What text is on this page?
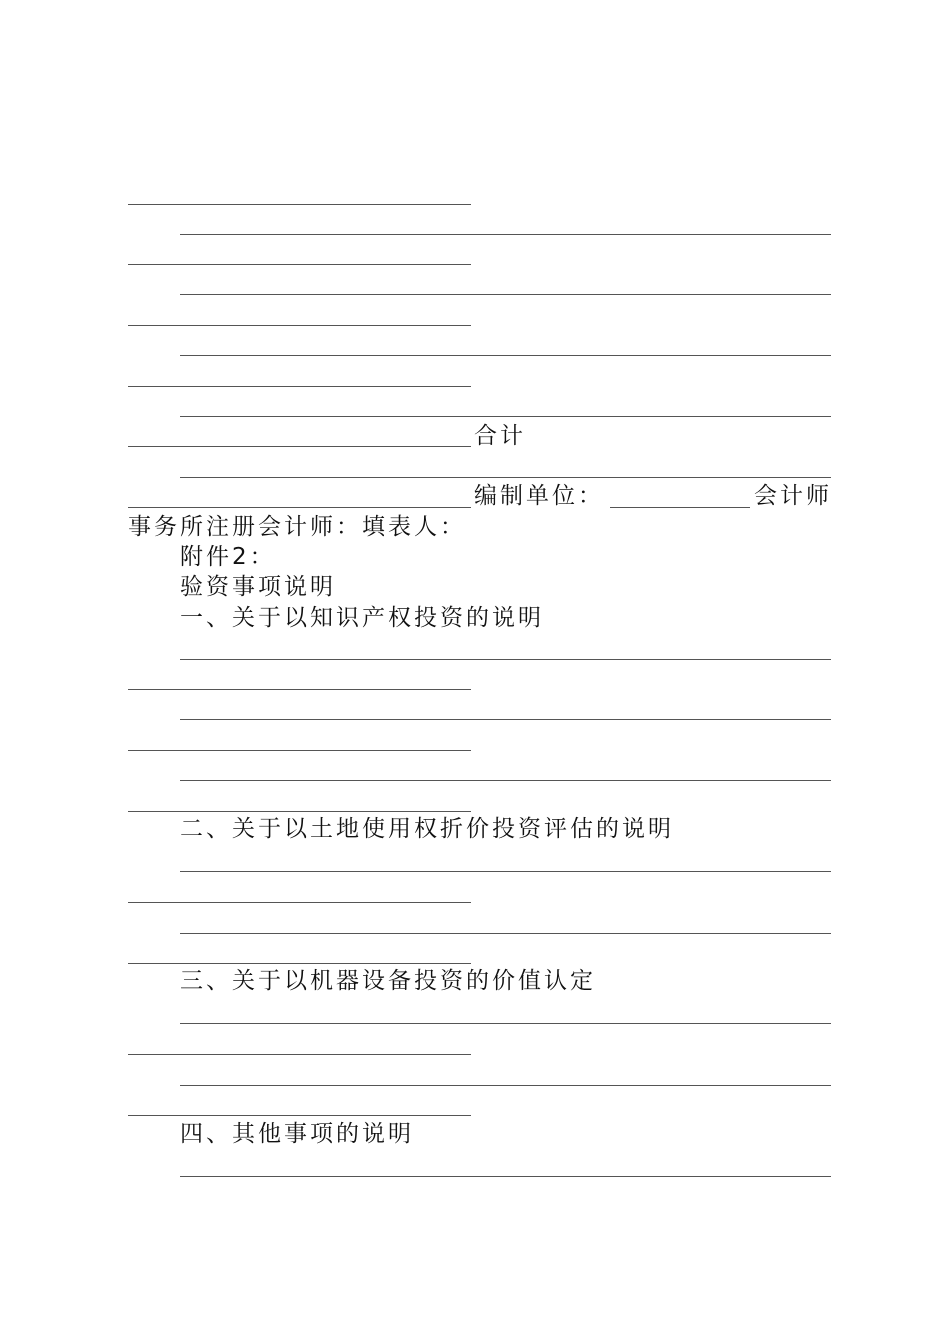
合计
编制单位：	会计师
事务所注册会计师：填表人：
附件2：
验资事项说明
一、关于以知识产权投资的说明
二、关于以土地使用权折价投资评估的说明
三、关于以机器设备投资的价值认定
四、其他事项的说明
